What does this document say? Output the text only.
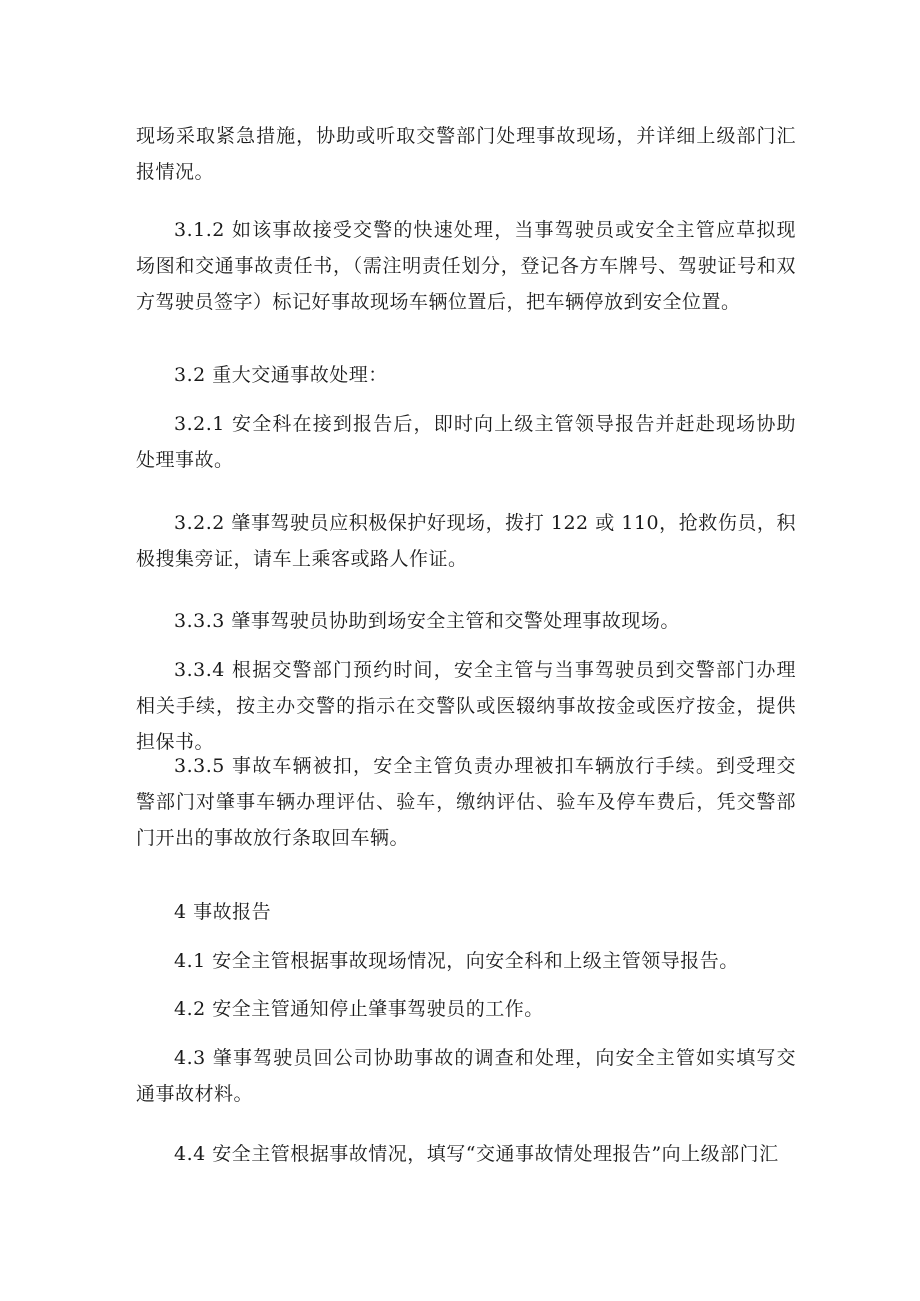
现场采取紧急措施，协助或听取交警部门处理事故现场，并详细上级部门汇报情况。

3.1.2 如该事故接受交警的快速处理，当事驾驶员或安全主管应草拟现场图和交通事故责任书，（需注明责任划分，登记各方车牌号、驾驶证号和双方驾驶员签字）标记好事故现场车辆位置后，把车辆停放到安全位置。

3.2 重大交通事故处理：

3.2.1 安全科在接到报告后，即时向上级主管领导报告并赶赴现场协助处理事故。

3.2.2 肇事驾驶员应积极保护好现场，拨打 122 或 110，抢救伤员，积极搜集旁证，请车上乘客或路人作证。

3.3.3 肇事驾驶员协助到场安全主管和交警处理事故现场。

3.3.4 根据交警部门预约时间，安全主管与当事驾驶员到交警部门办理相关手续，按主办交警的指示在交警队或医辍纳事故按金或医疗按金，提供担保书。

3.3.5 事故车辆被扣，安全主管负责办理被扣车辆放行手续。到受理交警部门对肇事车辆办理评估、验车，缴纳评估、验车及停车费后，凭交警部门开出的事故放行条取回车辆。

4 事故报告

4.1 安全主管根据事故现场情况，向安全科和上级主管领导报告。

4.2 安全主管通知停止肇事驾驶员的工作。

4.3 肇事驾驶员回公司协助事故的调查和处理，向安全主管如实填写交通事故材料。

4.4 安全主管根据事故情况，填写“交通事故情处理报告”向上级部门汇
